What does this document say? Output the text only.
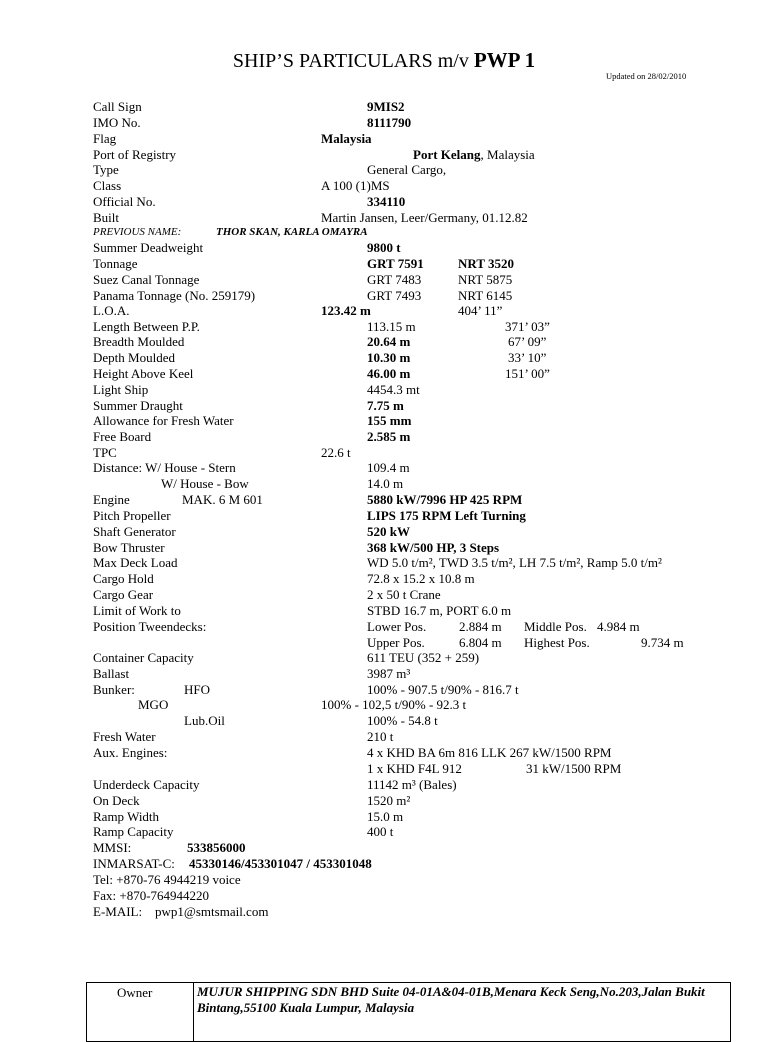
SHIP’S PARTICULARS m/v PWP 1
Updated on 28/02/2010
Call Sign	9MIS2
IMO No.	8111790
Flag	Malaysia
Port of Registry	Port Kelang, Malaysia
Type	General Cargo,
Class	A 100 (1)MS
Official No.	334110
Built	Martin Jansen, Leer/Germany, 01.12.82
PREVIOUS NAME:	THOR SKAN, KARLA OMAYRA
Summer Deadweight	9800 t
Tonnage	GRT 7591	NRT 3520
Suez Canal Tonnage	GRT 7483	NRT 5875
Panama Tonnage (No. 259179)	GRT 7493	NRT 6145
L.O.A.	123.42 m	404’ 11”
Length Between P.P.	113.15 m	371’ 03”
Breadth Moulded	20.64 m	67’ 09”
Depth Moulded	10.30 m	33’ 10”
Height Above Keel	46.00 m	151’ 00”
Light Ship	4454.3 mt
Summer Draught	7.75 m
Allowance for Fresh Water	155 mm
Free Board	2.585 m
TPC	22.6 t
Distance: W/ House - Stern	109.4 m
W/ House - Bow	14.0 m
Engine	MAK. 6 M 601	5880 kW/7996 HP 425 RPM
Pitch Propeller	LIPS 175 RPM Left Turning
Shaft Generator	520 kW
Bow Thruster	368 kW/500 HP, 3 Steps
Max Deck Load	WD 5.0 t/m², TWD 3.5 t/m², LH 7.5 t/m², Ramp 5.0 t/m²
Cargo Hold	72.8 x 15.2 x 10.8 m
Cargo Gear	2 x 50 t Crane
Limit of Work to	STBD 16.7 m, PORT 6.0 m
Position Tweendecks:	Lower Pos.	2.884 m Middle Pos. 4.984 m
Upper Pos.	6.804 m Highest Pos.	9.734 m
Container Capacity	611 TEU (352 + 259)
Ballast	3987 m³
Bunker:	HFO	100% - 907.5 t/90% - 816.7 t
MGO	100% - 102,5 t/90% - 92.3 t
Lub.Oil	100% - 54.8 t
Fresh Water	210 t
Aux. Engines:	4 x KHD BA 6m 816 LLK 267 kW/1500 RPM
1 x KHD F4L 912	31 kW/1500 RPM
Underdeck Capacity	11142 m³ (Bales)
On Deck	1520 m²
Ramp Width	15.0 m
Ramp Capacity	400 t
MMSI:	533856000
INMARSAT-C: 45330146/453301047 / 453301048
Tel: +870-76 4944219 voice
Fax: +870-764944220
E-MAIL: pwp1@smtsmail.com
Owner	MUJUR SHIPPING SDN BHD Suite 04-01A&04-01B,Menara Keck Seng,No.203,Jalan Bukit Bintang,55100 Kuala Lumpur, Malaysia
